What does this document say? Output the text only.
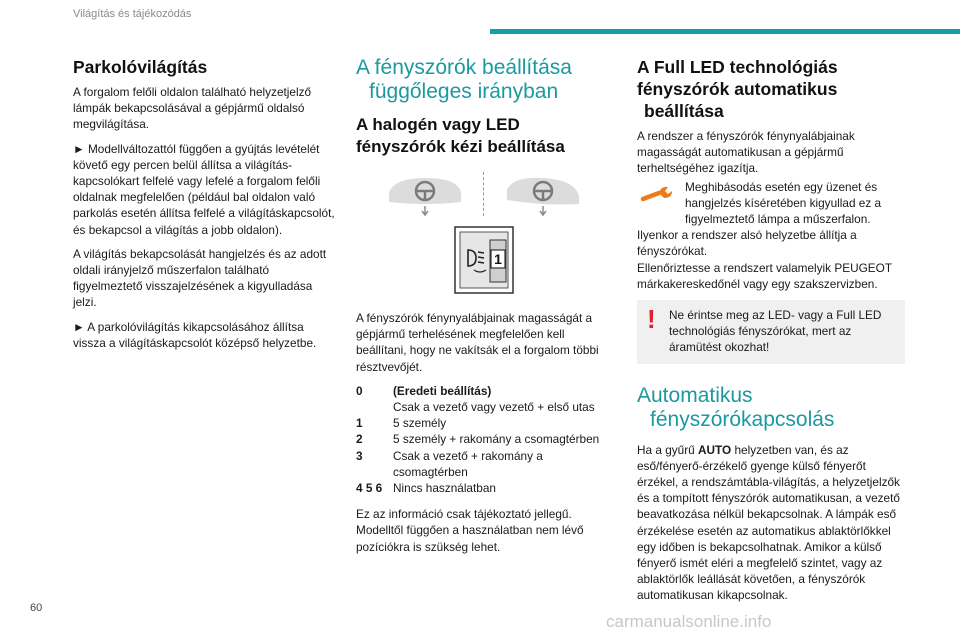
Világítás és tájékozódás
Parkolóvilágítás

A forgalom felőli oldalon található helyzetjelző lámpák bekapcsolásával a gépjármű oldalsó megvilágítása.

► Modellváltozattól függően a gyújtás levételét követő egy percen belül állítsa a világítás-kapcsolókart felfelé vagy lefelé a forgalom felőli oldalnak megfelelően (például bal oldalon való parkolás esetén állítsa felfelé a világításkapcsolót, és bekapcsol a világítás a jobb oldalon).

A világítás bekapcsolását hangjelzés és az adott oldali irányjelző műszerfalon található figyelmeztető visszajelzésének a kigyulladása jelzi.

► A parkolóvilágítás kikapcsolásához állítsa vissza a világításkapcsolót középső helyzetbe.

A fényszórók beállítása

függőleges irányban
A halogén vagy LED
fényszórók kézi beállítása
1

A fényszórók fénynyalábjainak magasságát a gépjármű terhelésének megfelelően kell beállítani, hogy ne vakítsák el a forgalom többi résztvevőjét.

0	(Eredeti beállítás)
Csak a vezető vagy vezető + első utas
1	5 személy
2	5 személy + rakomány a csomagtérben
3	Csak a vezető + rakomány a csomagtérben
4 5 6 Nincs használatban

Ez az információ csak tájékoztató jellegű. Modelltől függően a használatban nem lévő pozíciókra is szükség lehet.

A Full LED technológiás
fényszórók automatikus

beállítása

A rendszer a fényszórók fénynyalábjainak magasságát automatikusan a gépjármű terheltségéhez igazítja.

Meghibásodás esetén egy üzenet és hangjelzés kíséretében kigyullad ez a figyelmeztető lámpa a műszerfalon.

Ilyenkor a rendszer alsó helyzetbe állítja a fényszórókat.

Ellenőriztesse a rendszert valamelyik PEUGEOT márkakereskedőnél vagy egy szakszervizben.

!	Ne érintse meg az LED- vagy a Full LED technológiás fényszórókat, mert az áramütést okozhat!

Automatikus

fényszórókapcsolás

Ha a gyűrű AUTO helyzetben van, és az eső/fényerő-érzékelő gyenge külső fényerőt érzékel, a rendszámtábla-világítás, a helyzetjelzők és a tompított fényszórók automatikusan, a vezető beavatkozása nélkül bekapcsolnak. A lámpák eső érzékelése esetén az automatikus ablaktörlőkkel egy időben is bekapcsolhatnak. Amikor a külső fényerő ismét eléri a megfelelő szintet, vagy az ablaktörlők leállását követően, a fényszórók automatikusan kikapcsolnak.

60
carmanualsonline.info
